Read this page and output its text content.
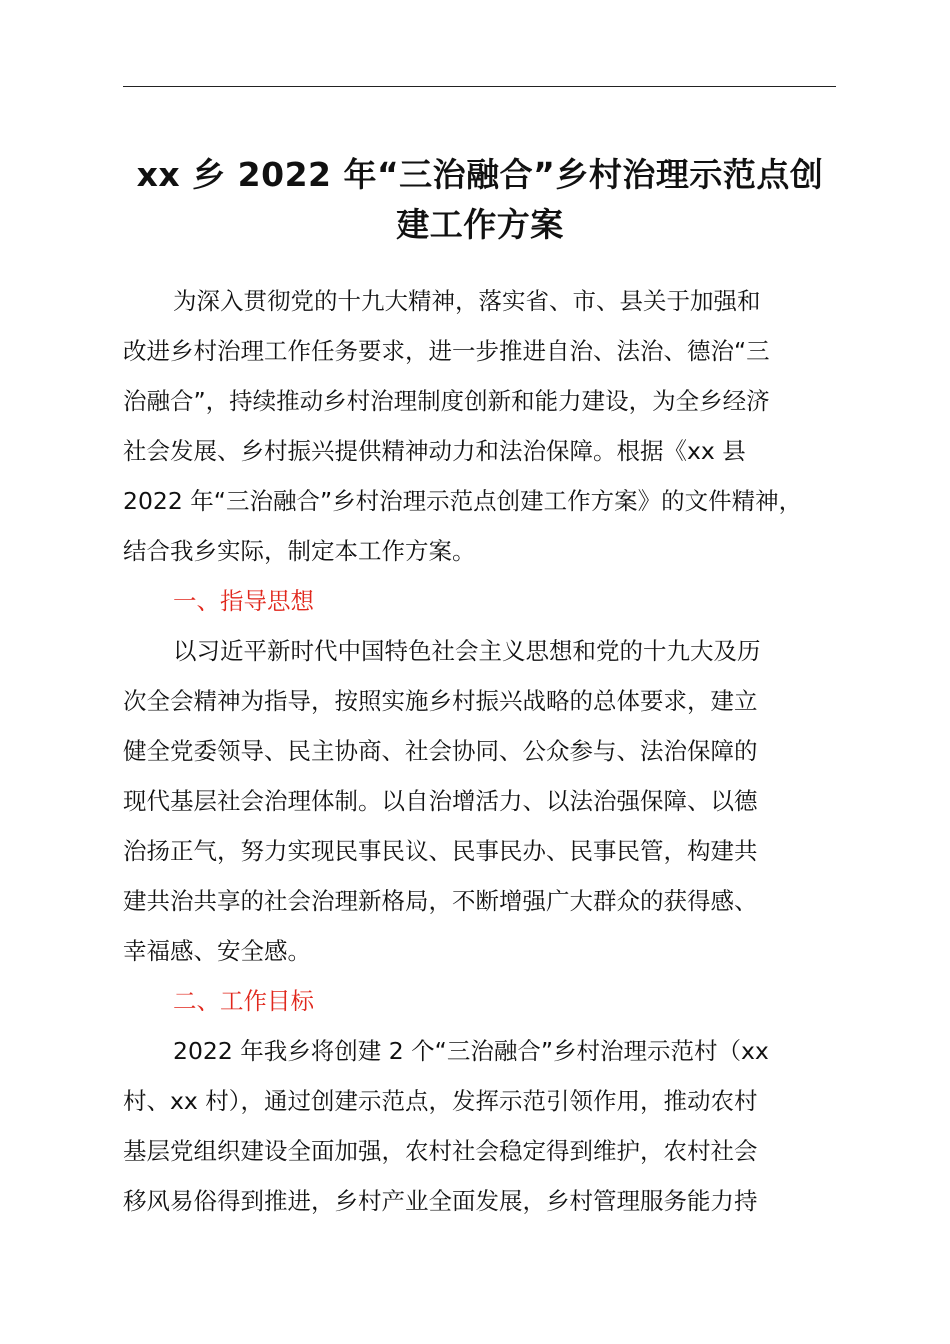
xx 乡 2022 年“三治融合”乡村治理示范点创
建工作方案
为深入贯彻党的十九大精神，落实省、市、县关于加强和
改进乡村治理工作任务要求，进一步推进自治、法治、德治“三
治融合”，持续推动乡村治理制度创新和能力建设，为全乡经济
社会发展、乡村振兴提供精神动力和法治保障。根据《xx 县
2022 年“三治融合”乡村治理示范点创建工作方案》的文件精神，
结合我乡实际，制定本工作方案。
一、指导思想
以习近平新时代中国特色社会主义思想和党的十九大及历
次全会精神为指导，按照实施乡村振兴战略的总体要求，建立
健全党委领导、民主协商、社会协同、公众参与、法治保障的
现代基层社会治理体制。以自治增活力、以法治强保障、以德
治扬正气，努力实现民事民议、民事民办、民事民管，构建共
建共治共享的社会治理新格局，不断增强广大群众的获得感、
幸福感、安全感。
二、工作目标
2022 年我乡将创建 2 个“三治融合”乡村治理示范村（xx
村、xx 村），通过创建示范点，发挥示范引领作用，推动农村
基层党组织建设全面加强，农村社会稳定得到维护，农村社会
移风易俗得到推进，乡村产业全面发展，乡村管理服务能力持
